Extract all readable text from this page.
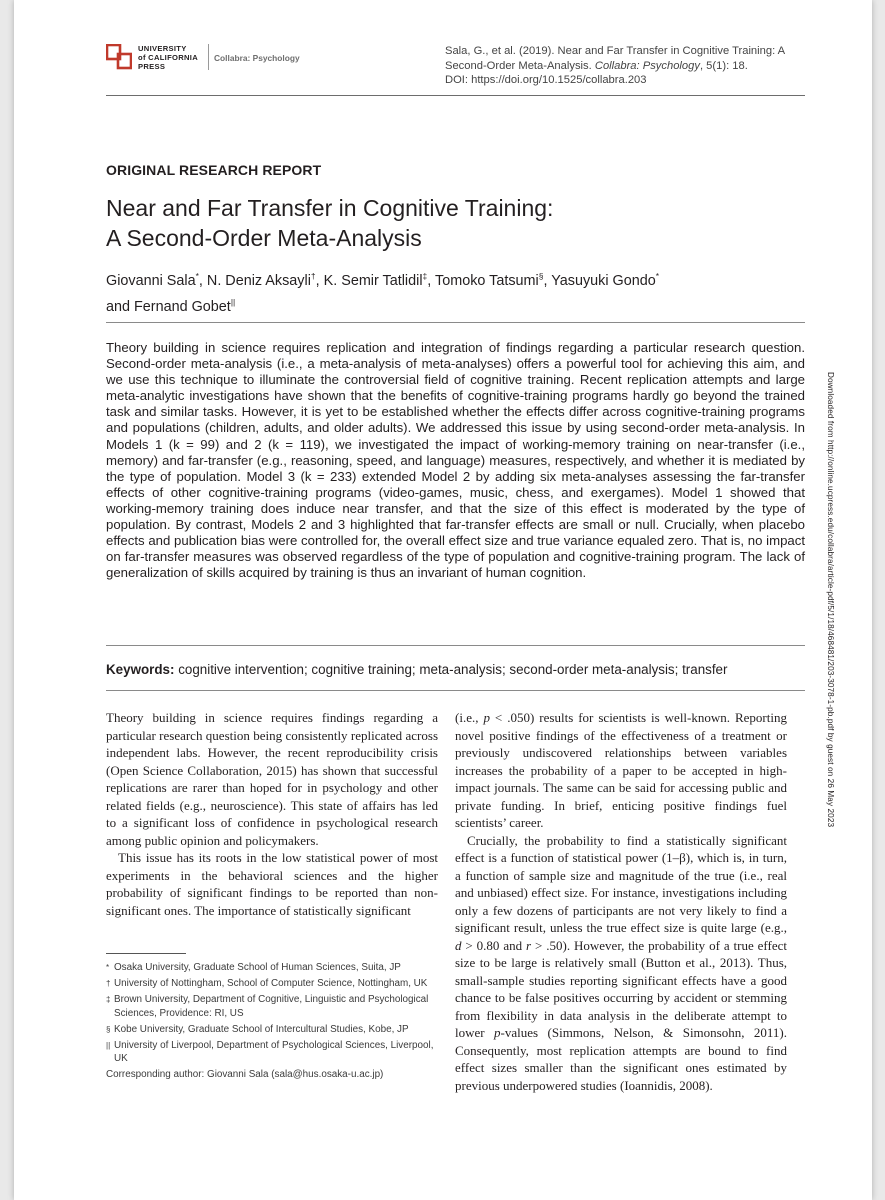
UNIVERSITY
of CALIFORNIA
PRESS
Collabra: Psychology
Sala, G., et al. (2019). Near and Far Transfer in Cognitive Training: A Second-Order Meta-Analysis. Collabra: Psychology, 5(1): 18.
DOI: https://doi.org/10.1525/collabra.203
ORIGINAL RESEARCH REPORT
Near and Far Transfer in Cognitive Training:
A Second-Order Meta-Analysis
Giovanni Sala*, N. Deniz Aksayli†, K. Semir Tatlidil‡, Tomoko Tatsumi§, Yasuyuki Gondo*
and Fernand Gobet||

Theory building in science requires replication and integration of findings regarding a particular research question. Second-order meta-analysis (i.e., a meta-analysis of meta-analyses) offers a powerful tool for achieving this aim, and we use this technique to illuminate the controversial field of cognitive training. Recent replication attempts and large meta-analytic investigations have shown that the benefits of cognitive-training programs hardly go beyond the trained task and similar tasks. However, it is yet to be established whether the effects differ across cognitive-training programs and populations (children, adults, and older adults). We addressed this issue by using second-order meta-analysis. In Models 1 (k = 99) and 2 (k = 119), we investigated the impact of working-memory training on near-transfer (i.e., memory) and far-transfer (e.g., reasoning, speed, and language) measures, respectively, and whether it is mediated by the type of population. Model 3 (k = 233) extended Model 2 by adding six meta-analyses assessing the far-transfer effects of other cognitive-training programs (video-games, music, chess, and exergames). Model 1 showed that working-memory training does induce near transfer, and that the size of this effect is moderated by the type of population. By contrast, Models 2 and 3 highlighted that far-transfer effects are small or null. Crucially, when placebo effects and publication bias were controlled for, the overall effect size and true variance equaled zero. That is, no impact on far-transfer measures was observed regardless of the type of population and cognitive-training program. The lack of generalization of skills acquired by training is thus an invariant of human cognition.

Keywords: cognitive intervention; cognitive training; meta-analysis; second-order meta-analysis; transfer

Theory building in science requires findings regarding a particular research question being consistently replicated across independent labs. However, the recent reproducibility crisis (Open Science Collaboration, 2015) has shown that successful replications are rarer than hoped for in psychology and other related fields (e.g., neuroscience). This state of affairs has led to a significant loss of confidence in psychological research among public opinion and policymakers.

This issue has its roots in the low statistical power of most experiments in the behavioral sciences and the higher probability of significant findings to be reported than non-significant ones. The importance of statistically significant

(i.e., p < .050) results for scientists is well-known. Reporting novel positive findings of the effectiveness of a treatment or previously undiscovered relationships between variables increases the probability of a paper to be accepted in high-impact journals. The same can be said for accessing public and private funding. In brief, enticing positive findings fuel scientists’ career.

Crucially, the probability to find a statistically significant effect is a function of statistical power (1–β), which is, in turn, a function of sample size and magnitude of the true (i.e., real and unbiased) effect size. For instance, investigations including only a few dozens of participants are not very likely to find a significant result, unless the true effect size is quite large (e.g., d > 0.80 and r > .50). However, the probability of a true effect size to be large is relatively small (Button et al., 2013). Thus, small-sample studies reporting significant effects have a good chance to be false positives occurring by accident or stemming from flexibility in data analysis in the deliberate attempt to lower p-values (Simmons, Nelson, & Simonsohn, 2011). Consequently, most replication attempts are bound to find effect sizes smaller than the significant ones estimated by previous underpowered studies (Ioannidis, 2008).

* Osaka University, Graduate School of Human Sciences, Suita, JP
† University of Nottingham, School of Computer Science, Nottingham, UK
‡ Brown University, Department of Cognitive, Linguistic and Psychological Sciences, Providence: RI, US
§ Kobe University, Graduate School of Intercultural Studies, Kobe, JP
|| University of Liverpool, Department of Psychological Sciences, Liverpool, UK
Corresponding author: Giovanni Sala (sala@hus.osaka-u.ac.jp)
Downloaded from http://online.ucpress.edu/collabra/article-pdf/5/1/18/468481/203-3078-1-pb.pdf by guest on 26 May 2023
